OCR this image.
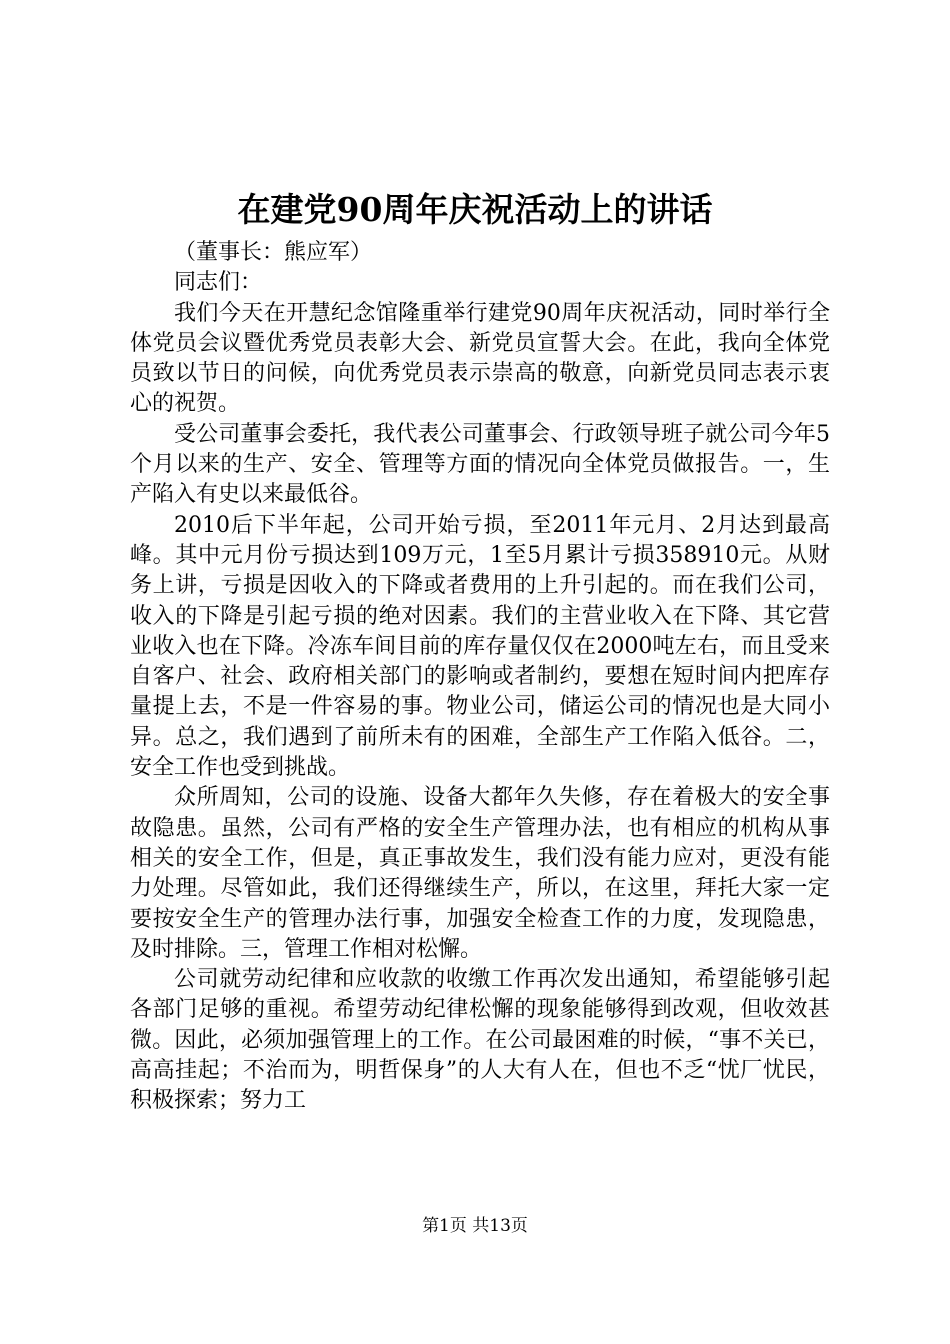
在建党90周年庆祝活动上的讲话
（董事长：熊应军）
同志们：
我们今天在开慧纪念馆隆重举行建党90周年庆祝活动，同时举行全体党员会议暨优秀党员表彰大会、新党员宣誓大会。在此，我向全体党员致以节日的问候，向优秀党员表示崇高的敬意，向新党员同志表示衷心的祝贺。
受公司董事会委托，我代表公司董事会、行政领导班子就公司今年5个月以来的生产、安全、管理等方面的情况向全体党员做报告。一，生产陷入有史以来最低谷。
2010后下半年起，公司开始亏损，至2011年元月、2月达到最高峰。其中元月份亏损达到109万元，1至5月累计亏损358910元。从财务上讲，亏损是因收入的下降或者费用的上升引起的。而在我们公司，收入的下降是引起亏损的绝对因素。我们的主营业收入在下降、其它营业收入也在下降。冷冻车间目前的库存量仅仅在2000吨左右，而且受来自客户、社会、政府相关部门的影响或者制约，要想在短时间内把库存量提上去，不是一件容易的事。物业公司，储运公司的情况也是大同小异。总之，我们遇到了前所未有的困难，全部生产工作陷入低谷。二，安全工作也受到挑战。
众所周知，公司的设施、设备大都年久失修，存在着极大的安全事故隐患。虽然，公司有严格的安全生产管理办法，也有相应的机构从事相关的安全工作，但是，真正事故发生，我们没有能力应对，更没有能力处理。尽管如此，我们还得继续生产，所以，在这里，拜托大家一定要按安全生产的管理办法行事，加强安全检查工作的力度，发现隐患，及时排除。三，管理工作相对松懈。
公司就劳动纪律和应收款的收缴工作再次发出通知，希望能够引起各部门足够的重视。希望劳动纪律松懈的现象能够得到改观，但收效甚微。因此，必须加强管理上的工作。在公司最困难的时候，“事不关已，高高挂起；不治而为，明哲保身”的人大有人在，但也不乏“忧厂忧民，积极探索；努力工
第1页 共13页
